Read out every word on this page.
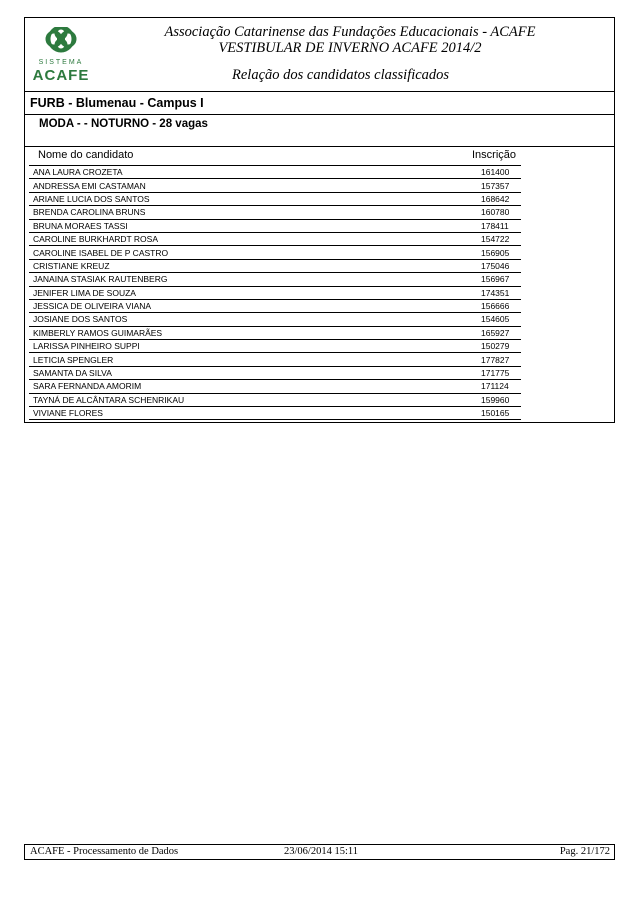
SISTEMA
ACAFE
Associação Catarinense das Fundações Educacionais - ACAFE
VESTIBULAR DE INVERNO ACAFE 2014/2
Relação dos candidatos classificados
FURB - Blumenau - Campus I
MODA - - NOTURNO - 28 vagas
Nome do candidato	Inscrição
ANA LAURA CROZETA	161400
ANDRESSA EMI CASTAMAN	157357
ARIANE LUCIA DOS SANTOS	168642
BRENDA CAROLINA BRUNS	160780
BRUNA MORAES TASSI	178411
CAROLINE BURKHARDT ROSA	154722
CAROLINE ISABEL DE P CASTRO	156905
CRISTIANE KREUZ	175046
JANAINA STASIAK RAUTENBERG	156967
JENIFER LIMA DE SOUZA	174351
JESSICA DE OLIVEIRA VIANA	156666
JOSIANE DOS SANTOS	154605
KIMBERLY RAMOS GUIMARÃES	165927
LARISSA PINHEIRO SUPPI	150279
LETICIA SPENGLER	177827
SAMANTA DA SILVA	171775
SARA FERNANDA AMORIM	171124
TAYNÁ DE ALCÂNTARA SCHENRIKAU	159960
VIVIANE FLORES	150165
ACAFE - Processamento de Dados	23/06/2014 15:11	Pag. 21/172
